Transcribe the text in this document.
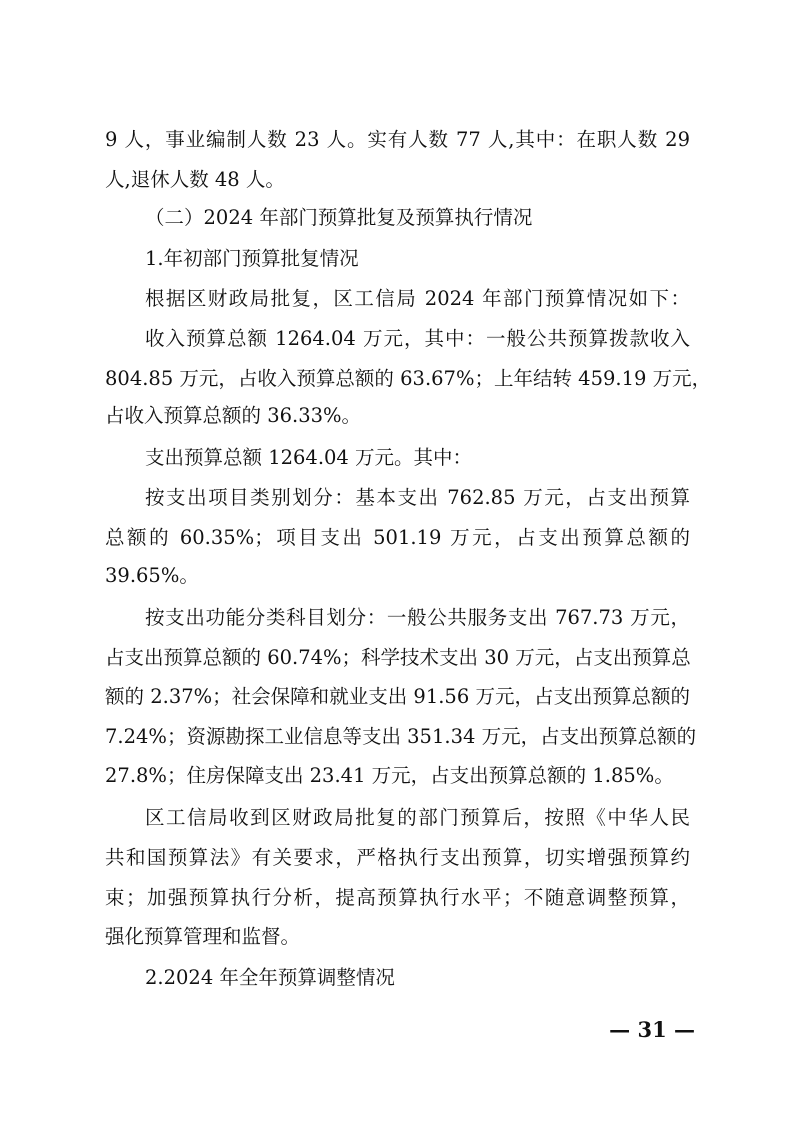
9 人，事业编制人数 23 人。实有人数 77 人,其中：在职人数 29
人,退休人数 48 人。
（二）2024 年部门预算批复及预算执行情况
1.年初部门预算批复情况
根据区财政局批复，区工信局 2024 年部门预算情况如下：
收入预算总额 1264.04 万元，其中：一般公共预算拨款收入
804.85 万元，占收入预算总额的 63.67%；上年结转 459.19 万元，
占收入预算总额的 36.33%。
支出预算总额 1264.04 万元。其中：
按支出项目类别划分：基本支出 762.85 万元，占支出预算
总额的 60.35%；项目支出 501.19 万元，占支出预算总额的
39.65%。
按支出功能分类科目划分：一般公共服务支出 767.73 万元，
占支出预算总额的 60.74%；科学技术支出 30 万元，占支出预算总
额的 2.37%；社会保障和就业支出 91.56 万元，占支出预算总额的
7.24%；资源勘探工业信息等支出 351.34 万元，占支出预算总额的
27.8%；住房保障支出 23.41 万元，占支出预算总额的 1.85%。
区工信局收到区财政局批复的部门预算后，按照《中华人民
共和国预算法》有关要求，严格执行支出预算，切实增强预算约
束；加强预算执行分析，提高预算执行水平；不随意调整预算，
强化预算管理和监督。
2.2024 年全年预算调整情况
— 31 —
